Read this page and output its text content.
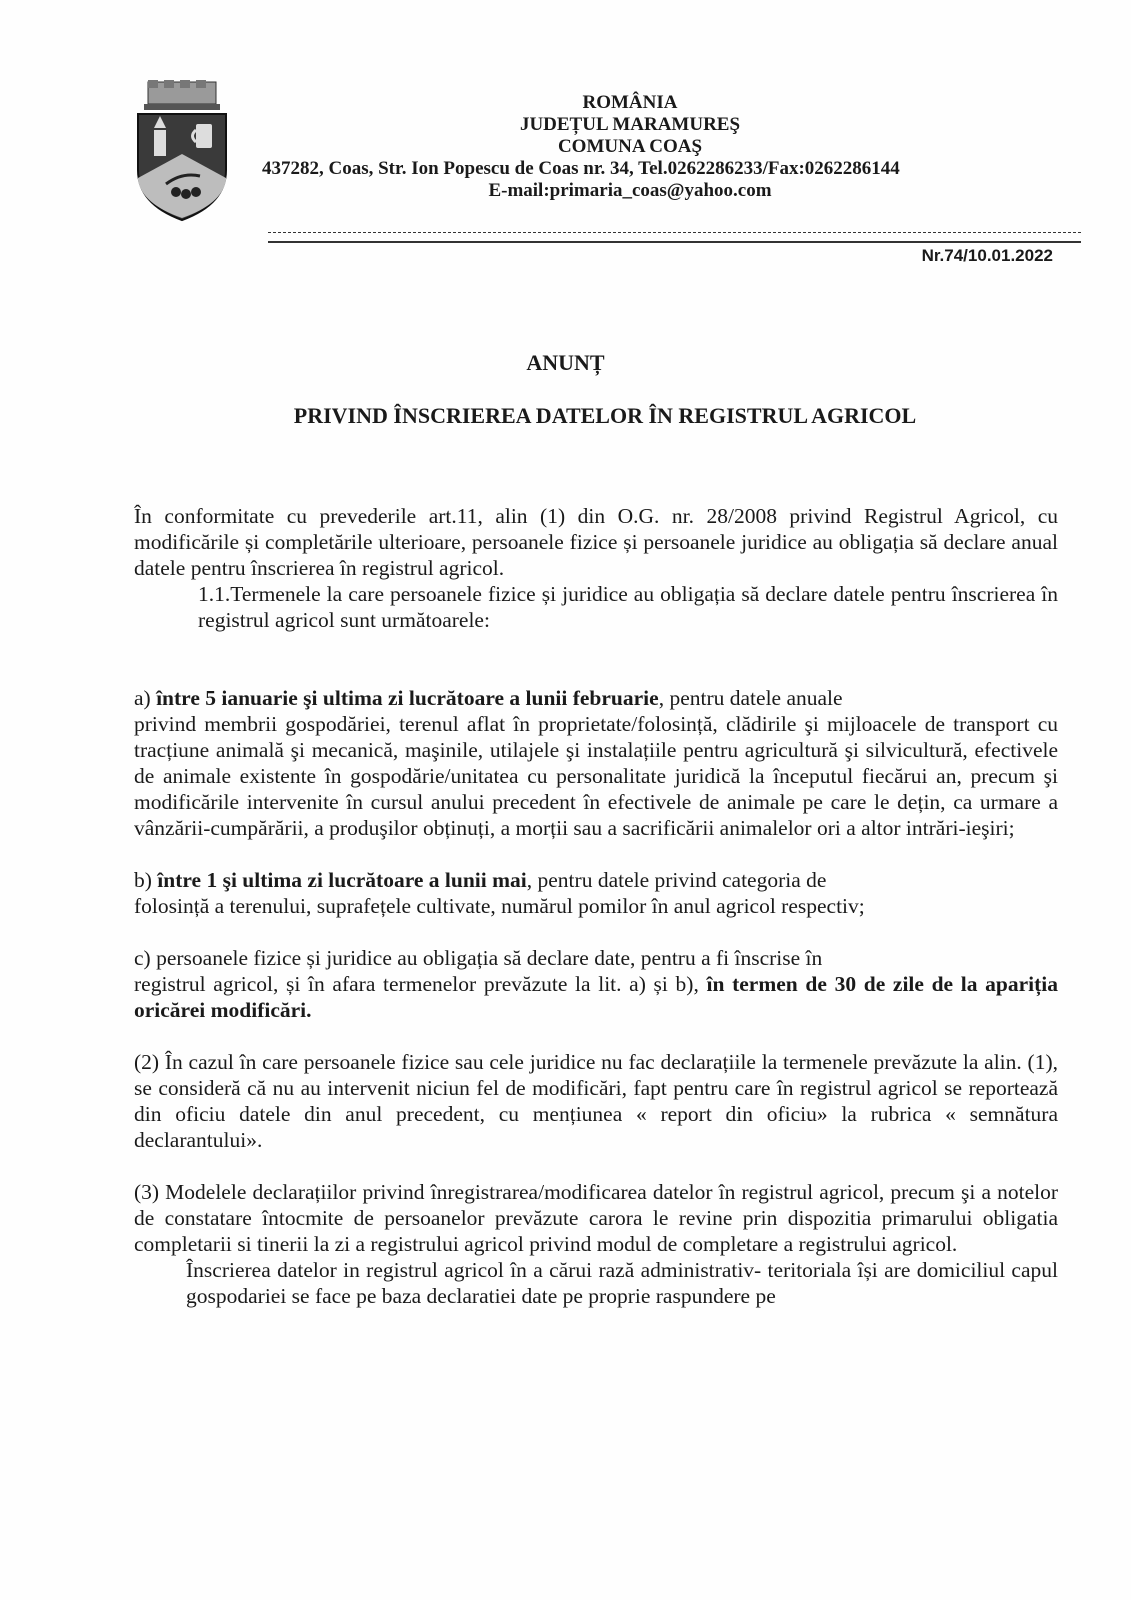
ROMÂNIA
JUDEȚUL MARAMUREŞ
COMUNA COAŞ
437282, Coas, Str. Ion Popescu de Coas nr. 34, Tel.0262286233/Fax:0262286144
E-mail:primaria_coas@yahoo.com
Nr.74/10.01.2022
ANUNȚ
PRIVIND ÎNSCRIEREA DATELOR ÎN REGISTRUL AGRICOL

În conformitate cu prevederile art.11, alin (1) din O.G. nr. 28/2008 privind Registrul Agricol, cu modificările și completările ulterioare, persoanele fizice și persoanele juridice au obligația să declare anual datele pentru înscrierea în registrul agricol.

1.1.Termenele la care persoanele fizice și juridice au obligația să declare datele pentru înscrierea în registrul agricol sunt următoarele:

a) între 5 ianuarie şi ultima zi lucrătoare a lunii februarie, pentru datele anuale

privind membrii gospodăriei, terenul aflat în proprietate/folosință, clădirile şi mijloacele de transport cu tracțiune animală şi mecanică, maşinile, utilajele şi instalațiile pentru agricultură şi silvicultură, efectivele de animale existente în gospodărie/unitatea cu personalitate juridică la începutul fiecărui an, precum şi modificările intervenite în cursul anului precedent în efectivele de animale pe care le dețin, ca urmare a vânzării-cumpărării, a produşilor obținuți, a morții sau a sacrificării animalelor ori a altor intrări-ieşiri;

b) între 1 şi ultima zi lucrătoare a lunii mai, pentru datele privind categoria de

folosință a terenului, suprafețele cultivate, numărul pomilor în anul agricol respectiv;

c) persoanele fizice și juridice au obligația să declare date, pentru a fi înscrise în

registrul agricol, și în afara termenelor prevăzute la lit. a) și b), în termen de 30 de zile de la apariția oricărei modificări.

(2) În cazul în care persoanele fizice sau cele juridice nu fac declarațiile la termenele prevăzute la alin. (1), se consideră că nu au intervenit niciun fel de modificări, fapt pentru care în registrul agricol se reportează din oficiu datele din anul precedent, cu mențiunea « report din oficiu» la rubrica « semnătura declarantului».

(3) Modelele declarațiilor privind înregistrarea/modificarea datelor în registrul agricol, precum şi a notelor de constatare întocmite de persoanelor prevăzute carora le revine prin dispozitia primarului obligatia completarii si tinerii la zi a registrului agricol privind modul de completare a registrului agricol.

Înscrierea datelor in registrul agricol în a cărui rază administrativ- teritoriala își are domiciliul capul gospodariei se face pe baza declaratiei date pe proprie raspundere pe
